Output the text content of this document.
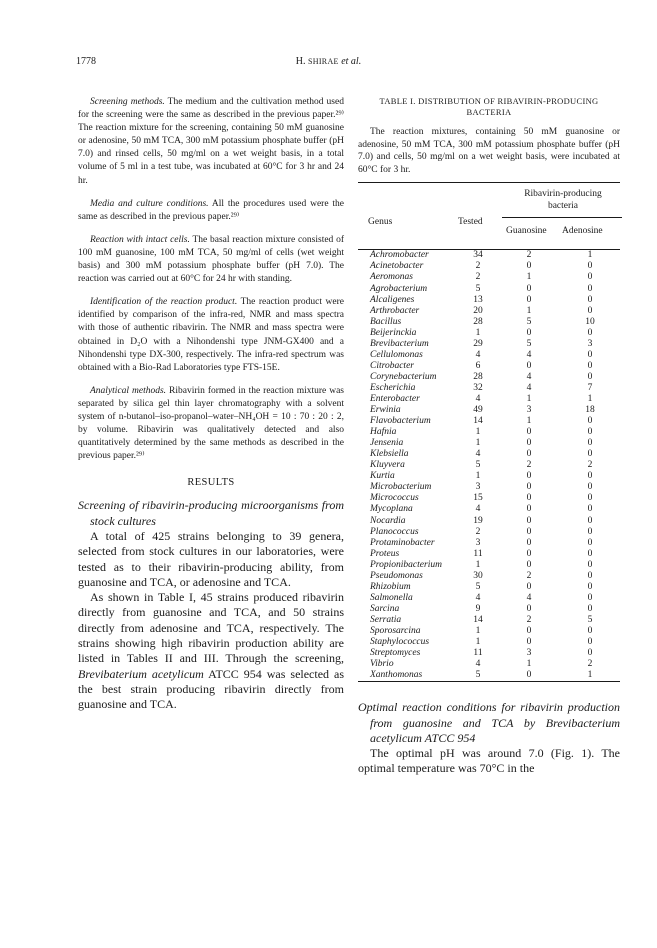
1778	H. SHIRAE et al.

Screening methods. The medium and the cultivation method used for the screening were the same as described in the previous paper.²⁹⁾ The reaction mixture for the screening, containing 50 mM guanosine or adenosine, 50 mM TCA, 300 mM potassium phosphate buffer (pH 7.0) and rinsed cells, 50 mg/ml on a wet weight basis, in a total volume of 5 ml in a test tube, was incubated at 60°C for 3 hr and 24 hr.

Media and culture conditions. All the procedures used were the same as described in the previous paper.²⁹⁾

Reaction with intact cells. The basal reaction mixture consisted of 100 mM guanosine, 100 mM TCA, 50 mg/ml of cells (wet weight basis) and 300 mM potassium phosphate buffer (pH 7.0). The reaction was carried out at 60°C for 24 hr with standing.

Identification of the reaction product. The reaction product were identified by comparison of the infra-red, NMR and mass spectra with those of authentic ribavirin. The NMR and mass spectra were obtained in D₂O with a Nihondenshi type JNM-GX400 and a Nihondenshi type DX-300, respectively. The infra-red spectrum was obtained with a Bio-Rad Laboratories type FTS-15E.

Analytical methods. Ribavirin formed in the reaction mixture was separated by silica gel thin layer chromatography with a solvent system of n-butanol–iso-propanol–water–NH₄OH = 10 : 70 : 20 : 2, by volume. Ribavirin was qualitatively detected and also quantitatively determined by the same methods as described in the previous paper.²⁹⁾

RESULTS
Screening of ribavirin-producing microorganisms from stock cultures

A total of 425 strains belonging to 39 genera, selected from stock cultures in our laboratories, were tested as to their ribavirin-producing ability, from guanosine and TCA, or adenosine and TCA.

As shown in Table I, 45 strains produced ribavirin directly from guanosine and TCA, and 50 strains directly from adenosine and TCA, respectively. The strains showing high ribavirin production ability are listed in Tables II and III. Through the screening, Brevibaterium acetylicum ATCC 954 was selected as the best strain producing ribavirin directly from guanosine and TCA.

TABLE I. DISTRIBUTION OF RIBAVIRIN-PRODUCING
BACTERIA

The reaction mixtures, containing 50 mM guanosine or adenosine, 50 mM TCA, 300 mM potassium phosphate buffer (pH 7.0) and cells, 50 mg/ml on a wet weight basis, were incubated at 60°C for 3 hr.

Genus	Tested
Ribavirin-producing
bacteria
Guanosine Adenosine
Achromobacter	34	2	1
Acinetobacter	2	0	0
Aeromonas	2	1	0
Agrobacterium	5	0	0
Alcaligenes	13	0	0
Arthrobacter	20	1	0
Bacillus	28	5	10
Beijerinckia	1	0	0
Brevibacterium	29	5	3
Cellulomonas	4	4	0
Citrobacter	6	0	0
Corynebacterium	28	4	0
Escherichia	32	4	7
Enterobacter	4	1	1
Erwinia	49	3	18
Flavobacterium	14	1	0
Hafnia	1	0	0
Jensenia	1	0	0
Klebsiella	4	0	0
Kluyvera	5	2	2
Kurtia	1	0	0
Microbacterium	3	0	0
Micrococcus	15	0	0
Mycoplana	4	0	0
Nocardia	19	0	0
Planococcus	2	0	0
Protaminobacter	3	0	0
Proteus	11	0	0
Propionibacterium	1	0	0
Pseudomonas	30	2	0
Rhizobium	5	0	0
Salmonella	4	4	0
Sarcina	9	0	0
Serratia	14	2	5
Sporosarcina	1	0	0
Staphylococcus	1	0	0
Streptomyces	11	3	0
Vibrio	4	1	2
Xanthomonas	5	0	1
Optimal reaction conditions for ribavirin production from guanosine and TCA by Brevibacterium acetylicum ATCC 954

The optimal pH was around 7.0 (Fig. 1). The optimal temperature was 70°C in the
